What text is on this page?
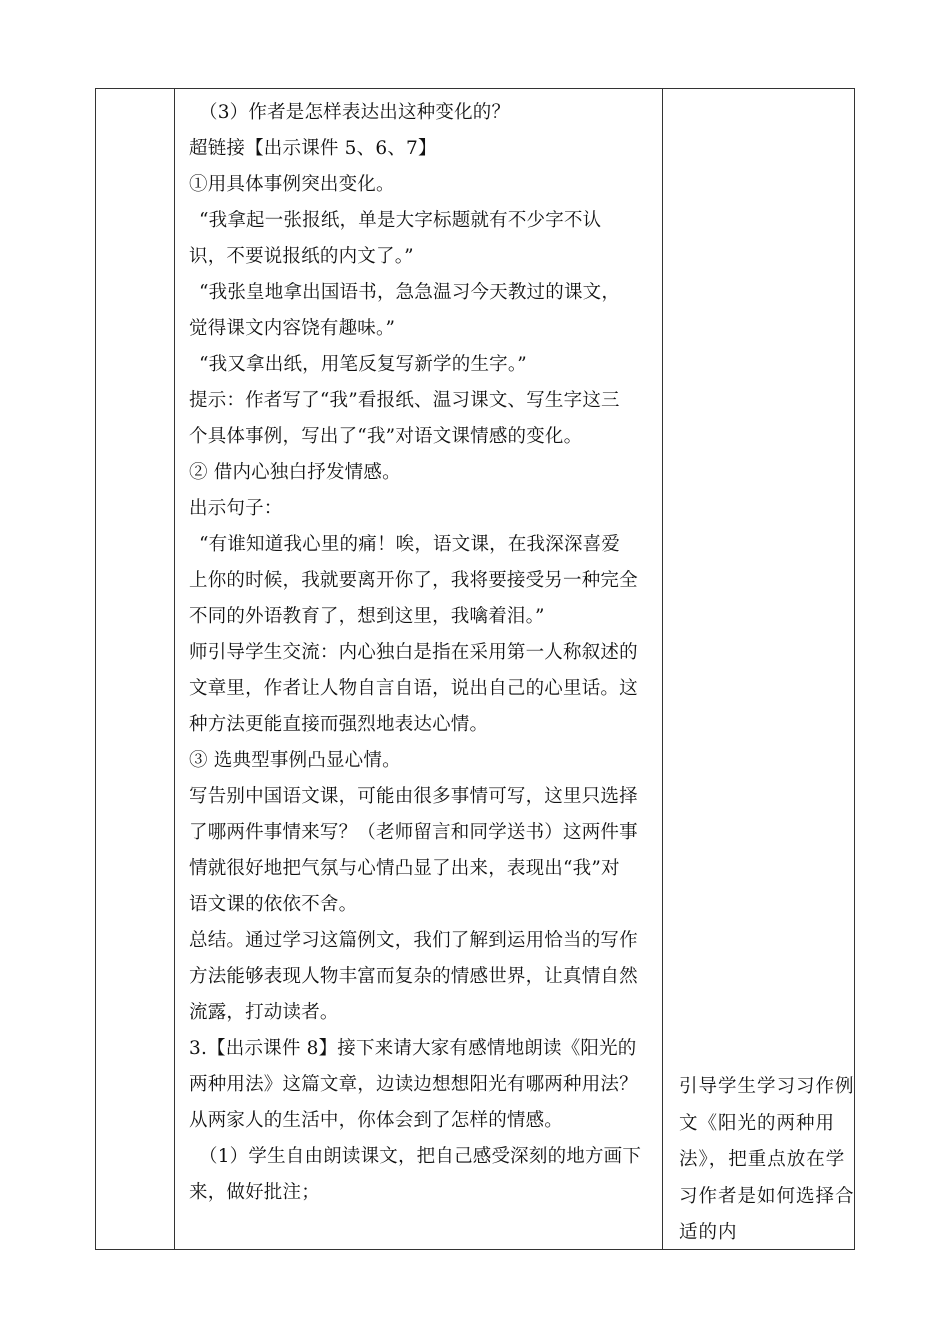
（3）作者是怎样表达出这种变化的？
超链接【出示课件 5、6、7】
①用具体事例突出变化。
“我拿起一张报纸，单是大字标题就有不少字不认
识，不要说报纸的内文了。”
“我张皇地拿出国语书，急急温习今天教过的课文，
觉得课文内容饶有趣味。”
“我又拿出纸，用笔反复写新学的生字。”
提示：作者写了“我”看报纸、温习课文、写生字这三
个具体事例，写出了“我”对语文课情感的变化。
② 借内心独白抒发情感。
出示句子：
“有谁知道我心里的痛！唉，语文课，在我深深喜爱
上你的时候，我就要离开你了，我将要接受另一种完全
不同的外语教育了，想到这里，我噙着泪。”
师引导学生交流：内心独白是指在采用第一人称叙述的
文章里，作者让人物自言自语，说出自己的心里话。这
种方法更能直接而强烈地表达心情。
③ 选典型事例凸显心情。
写告别中国语文课，可能由很多事情可写，这里只选择
了哪两件事情来写？（老师留言和同学送书）这两件事
情就很好地把气氛与心情凸显了出来，表现出“我”对
语文课的依依不舍。
总结。通过学习这篇例文，我们了解到运用恰当的写作
方法能够表现人物丰富而复杂的情感世界，让真情自然
流露，打动读者。
3.【出示课件 8】接下来请大家有感情地朗读《阳光的
两种用法》这篇文章，边读边想想阳光有哪两种用法？
从两家人的生活中，你体会到了怎样的情感。
（1）学生自由朗读课文，把自己感受深刻的地方画下
来，做好批注；
引导学生学习习作例
文《阳光的两种用
法》，把重点放在学
习作者是如何选择合
适的内
